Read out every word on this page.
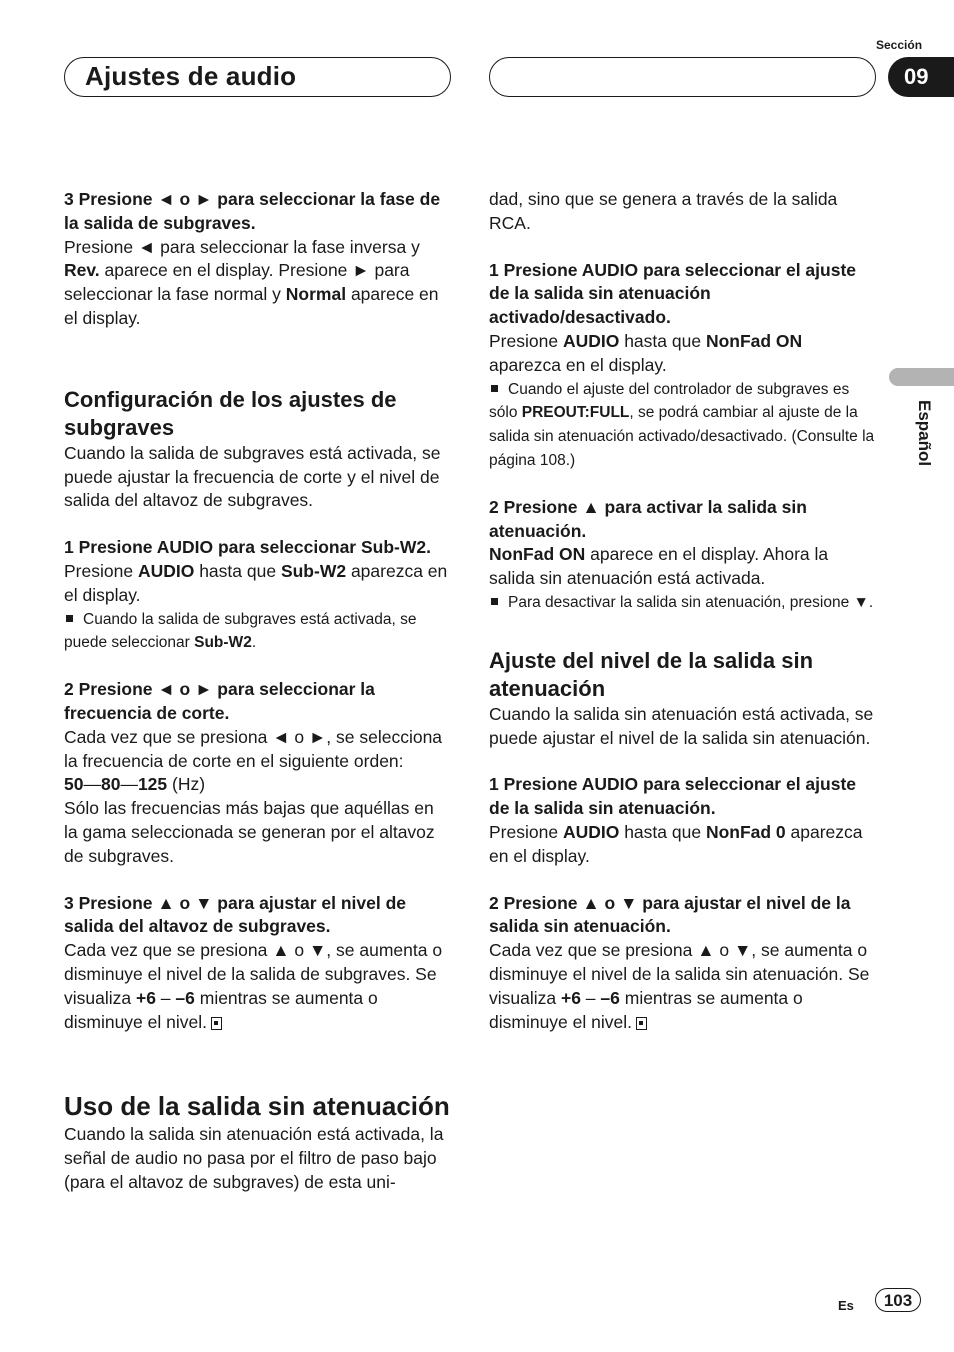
Ajustes de audio
Sección
09
Español

3 Presione ◄ o ► para seleccionar la fase de la salida de subgraves.

Presione ◄ para seleccionar la fase inversa y Rev. aparece en el display. Presione ► para seleccionar la fase normal y Normal aparece en el display.

Configuración de los ajustes de subgraves

Cuando la salida de subgraves está activada, se puede ajustar la frecuencia de corte y el nivel de salida del altavoz de subgraves.

1 Presione AUDIO para seleccionar Sub-W2.

Presione AUDIO hasta que Sub-W2 aparezca en el display.

Cuando la salida de subgraves está activada, se puede seleccionar Sub-W2.

2 Presione ◄ o ► para seleccionar la frecuencia de corte.

Cada vez que se presiona ◄ o ►, se selecciona la frecuencia de corte en el siguiente orden:

50—80—125 (Hz)

Sólo las frecuencias más bajas que aquéllas en la gama seleccionada se generan por el altavoz de subgraves.

3 Presione ▲ o ▼ para ajustar el nivel de salida del altavoz de subgraves.

Cada vez que se presiona ▲ o ▼, se aumenta o disminuye el nivel de la salida de subgraves. Se visualiza +6 – –6 mientras se aumenta o disminuye el nivel.

Uso de la salida sin atenuación

Cuando la salida sin atenuación está activada, la señal de audio no pasa por el filtro de paso bajo (para el altavoz de subgraves) de esta uni-

dad, sino que se genera a través de la salida RCA.

1 Presione AUDIO para seleccionar el ajuste de la salida sin atenuación activado/desactivado.

Presione AUDIO hasta que NonFad ON aparezca en el display.

Cuando el ajuste del controlador de subgraves es sólo PREOUT:FULL, se podrá cambiar al ajuste de la salida sin atenuación activado/desactivado. (Consulte la página 108.)

2 Presione ▲ para activar la salida sin atenuación.

NonFad ON aparece en el display. Ahora la salida sin atenuación está activada.

Para desactivar la salida sin atenuación, presione ▼.

Ajuste del nivel de la salida sin atenuación

Cuando la salida sin atenuación está activada, se puede ajustar el nivel de la salida sin atenuación.

1 Presione AUDIO para seleccionar el ajuste de la salida sin atenuación.

Presione AUDIO hasta que NonFad 0 aparezca en el display.

2 Presione ▲ o ▼ para ajustar el nivel de la salida sin atenuación.

Cada vez que se presiona ▲ o ▼, se aumenta o disminuye el nivel de la salida sin atenuación. Se visualiza +6 – –6 mientras se aumenta o disminuye el nivel.

Es	103
